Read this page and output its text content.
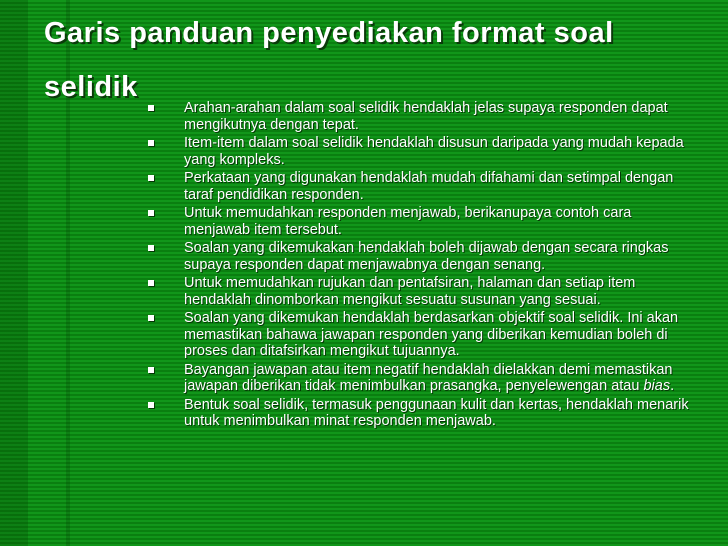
Garis panduan penyediakan format soal selidik
Arahan-arahan dalam soal selidik hendaklah jelas supaya responden dapat mengikutnya dengan tepat.
Item-item dalam soal selidik hendaklah disusun daripada yang mudah kepada yang kompleks.
Perkataan yang digunakan hendaklah mudah difahami dan setimpal dengan taraf pendidikan responden.
Untuk memudahkan responden menjawab, berikanupaya contoh cara menjawab item tersebut.
Soalan yang dikemukakan hendaklah boleh dijawab dengan secara ringkas supaya responden dapat menjawabnya dengan senang.
Untuk memudahkan rujukan dan pentafsiran, halaman dan setiap item hendaklah dinomborkan mengikut sesuatu susunan yang sesuai.
Soalan yang dikemukan hendaklah berdasarkan objektif soal selidik. Ini akan memastikan bahawa jawapan responden yang diberikan kemudian boleh di proses dan ditafsirkan mengikut tujuannya.
Bayangan jawapan atau item negatif hendaklah dielakkan demi memastikan jawapan diberikan tidak menimbulkan prasangka, penyelewengan atau bias.
Bentuk soal selidik, termasuk penggunaan kulit dan kertas, hendaklah menarik untuk menimbulkan minat responden menjawab.
